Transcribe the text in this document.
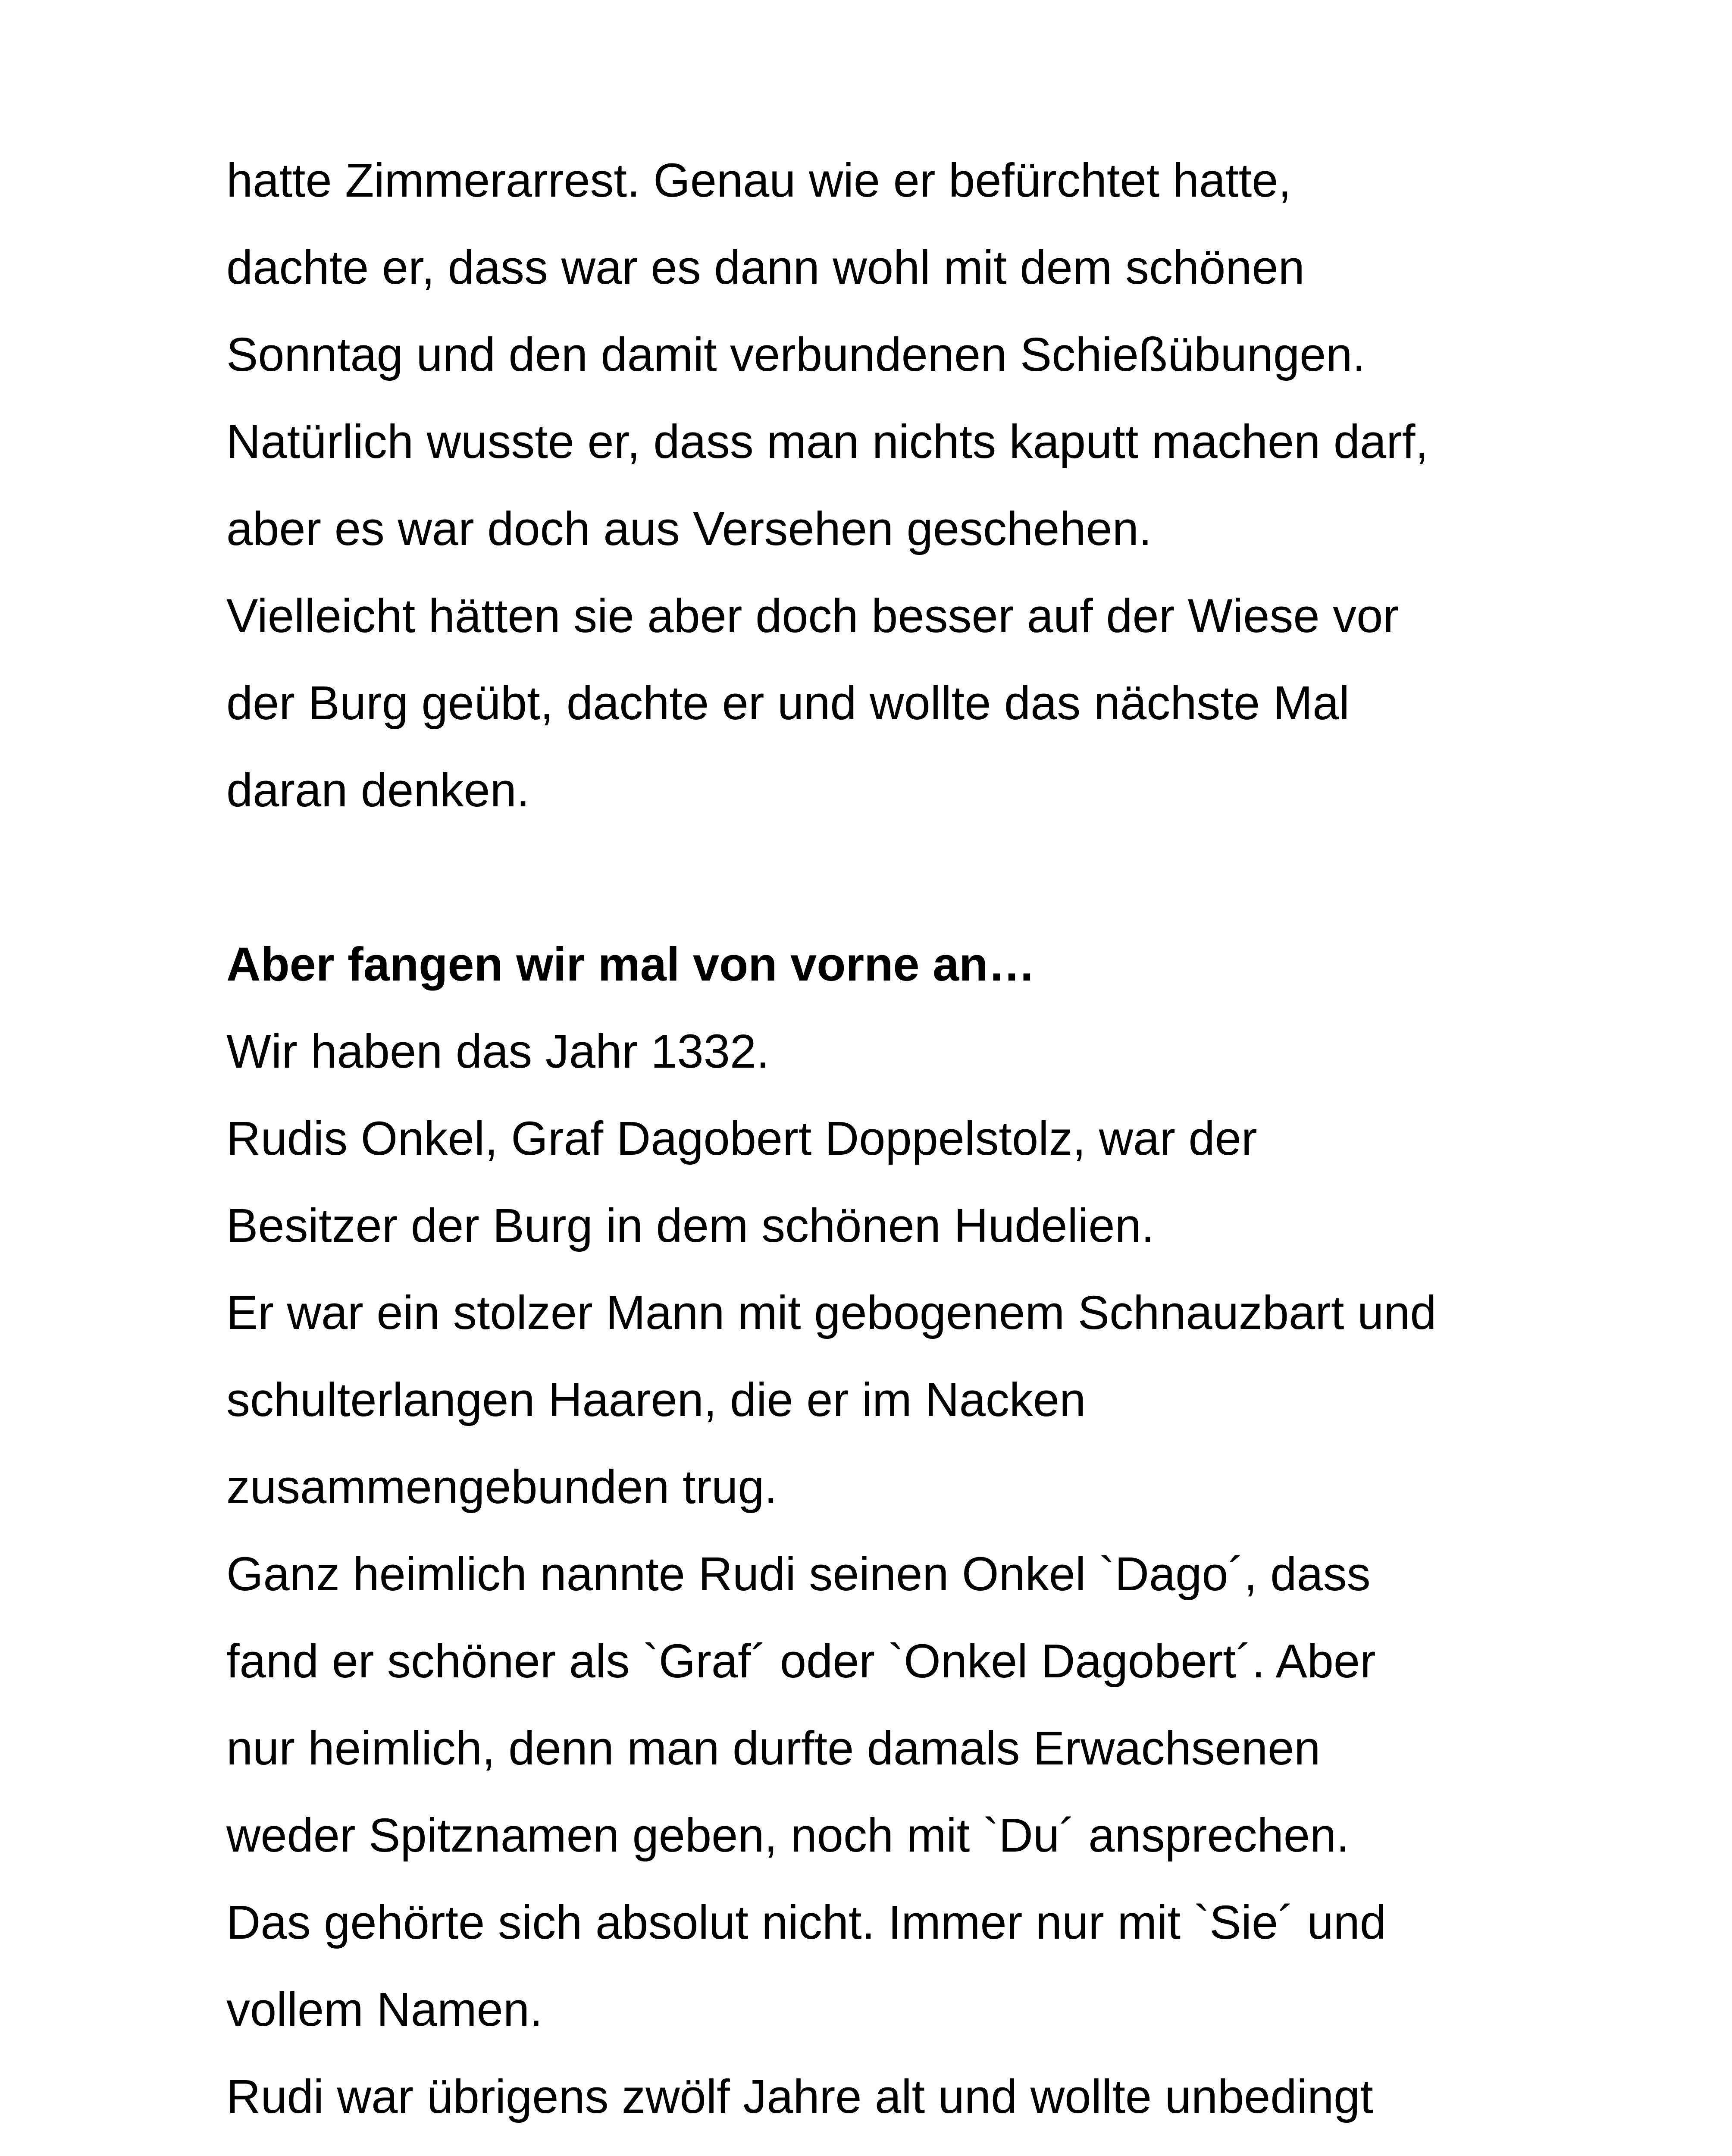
hatte Zimmerarrest. Genau wie er befürchtet hatte,
dachte er, dass war es dann wohl mit dem schönen
Sonntag und den damit verbundenen Schießübungen.
Natürlich wusste er, dass man nichts kaputt machen darf,
aber es war doch aus Versehen geschehen.
Vielleicht hätten sie aber doch besser auf der Wiese vor
der Burg geübt, dachte er und wollte das nächste Mal
daran denken.
Aber fangen wir mal von vorne an…
Wir haben das Jahr 1332.
Rudis Onkel, Graf Dagobert Doppelstolz, war der
Besitzer der Burg in dem schönen Hudelien.
Er war ein stolzer Mann mit gebogenem Schnauzbart und
schulterlangen Haaren, die er im Nacken
zusammengebunden trug.
Ganz heimlich nannte Rudi seinen Onkel `Dago´, dass
fand er schöner als `Graf´ oder `Onkel Dagobert´. Aber
nur heimlich, denn man durfte damals Erwachsenen
weder Spitznamen geben, noch mit `Du´ ansprechen.
Das gehörte sich absolut nicht. Immer nur mit `Sie´ und
vollem Namen.
Rudi war übrigens zwölf Jahre alt und wollte unbedingt
